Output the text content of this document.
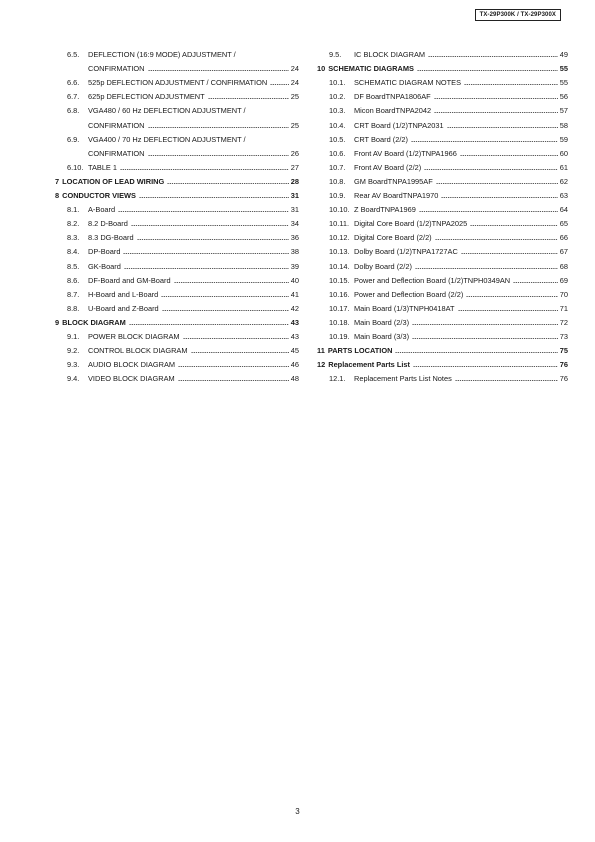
TX-29P300K / TX-29P300X
6.5.	DEFLECTION (16:9 MODE) ADJUSTMENT /
CONFIRMATION	24
6.6.	525p DEFLECTION ADJUSTMENT / CONFIRMATION	24
6.7.	625p DEFLECTION ADJUSTMENT	25
6.8.	VGA480 / 60 Hz DEFLECTION ADJUSTMENT /
CONFIRMATION	25
6.9.	VGA400 / 70 Hz DEFLECTION ADJUSTMENT /
CONFIRMATION	26
6.10. TABLE 1	27
7 LOCATION OF LEAD WIRING	28
8 CONDUCTOR VIEWS	31
8.1.	A-Board	31
8.2.	8.2 D-Board	34
8.3.	8.3 DG-Board	36
8.4.	DP-Board	38
8.5.	GK-Board	39
8.6.	DF-Board and GM-Board	40
8.7.	H-Board and L-Board	41
8.8.	U-Board and Z-Board	42
9 BLOCK DIAGRAM	43
9.1.	POWER BLOCK DIAGRAM	43
9.2.	CONTROL BLOCK DIAGRAM	45
9.3.	AUDIO BLOCK DIAGRAM	46
9.4.	VIDEO BLOCK DIAGRAM	48
9.5.	IC BLOCK DIAGRAM	49
10 SCHEMATIC DIAGRAMS	55
10.1.	SCHEMATIC DIAGRAM NOTES	55
10.2.	DF BoardTNPA1806AF	56
10.3.	Micon BoardTNPA2042	57
10.4.	CRT Board (1/2)TNPA2031	58
10.5.	CRT Board (2/2)	59
10.6.	Front AV Board (1/2)TNPA1966	60
10.7.	Front AV Board (2/2)	61
10.8.	GM BoardTNPA1995AF	62
10.9.	Rear AV BoardTNPA1970	63
10.10. Z BoardTNPA1969	64
10.11. Digital Core Board (1/2)TNPA2025	65
10.12. Digital Core Board (2/2)	66
10.13. Dolby Board (1/2)TNPA1727AC	67
10.14. Dolby Board (2/2)	68
10.15. Power and Deflection Board (1/2)TNPH0349AN	69
10.16. Power and Deflection Board (2/2)	70
10.17. Main Board (1/3)TNPH0418AT	71
10.18. Main Board (2/3)	72
10.19. Main Board (3/3)	73
11 PARTS LOCATION	75
12 Replacement Parts List	76
12.1.	Replacement Parts List Notes	76
3
